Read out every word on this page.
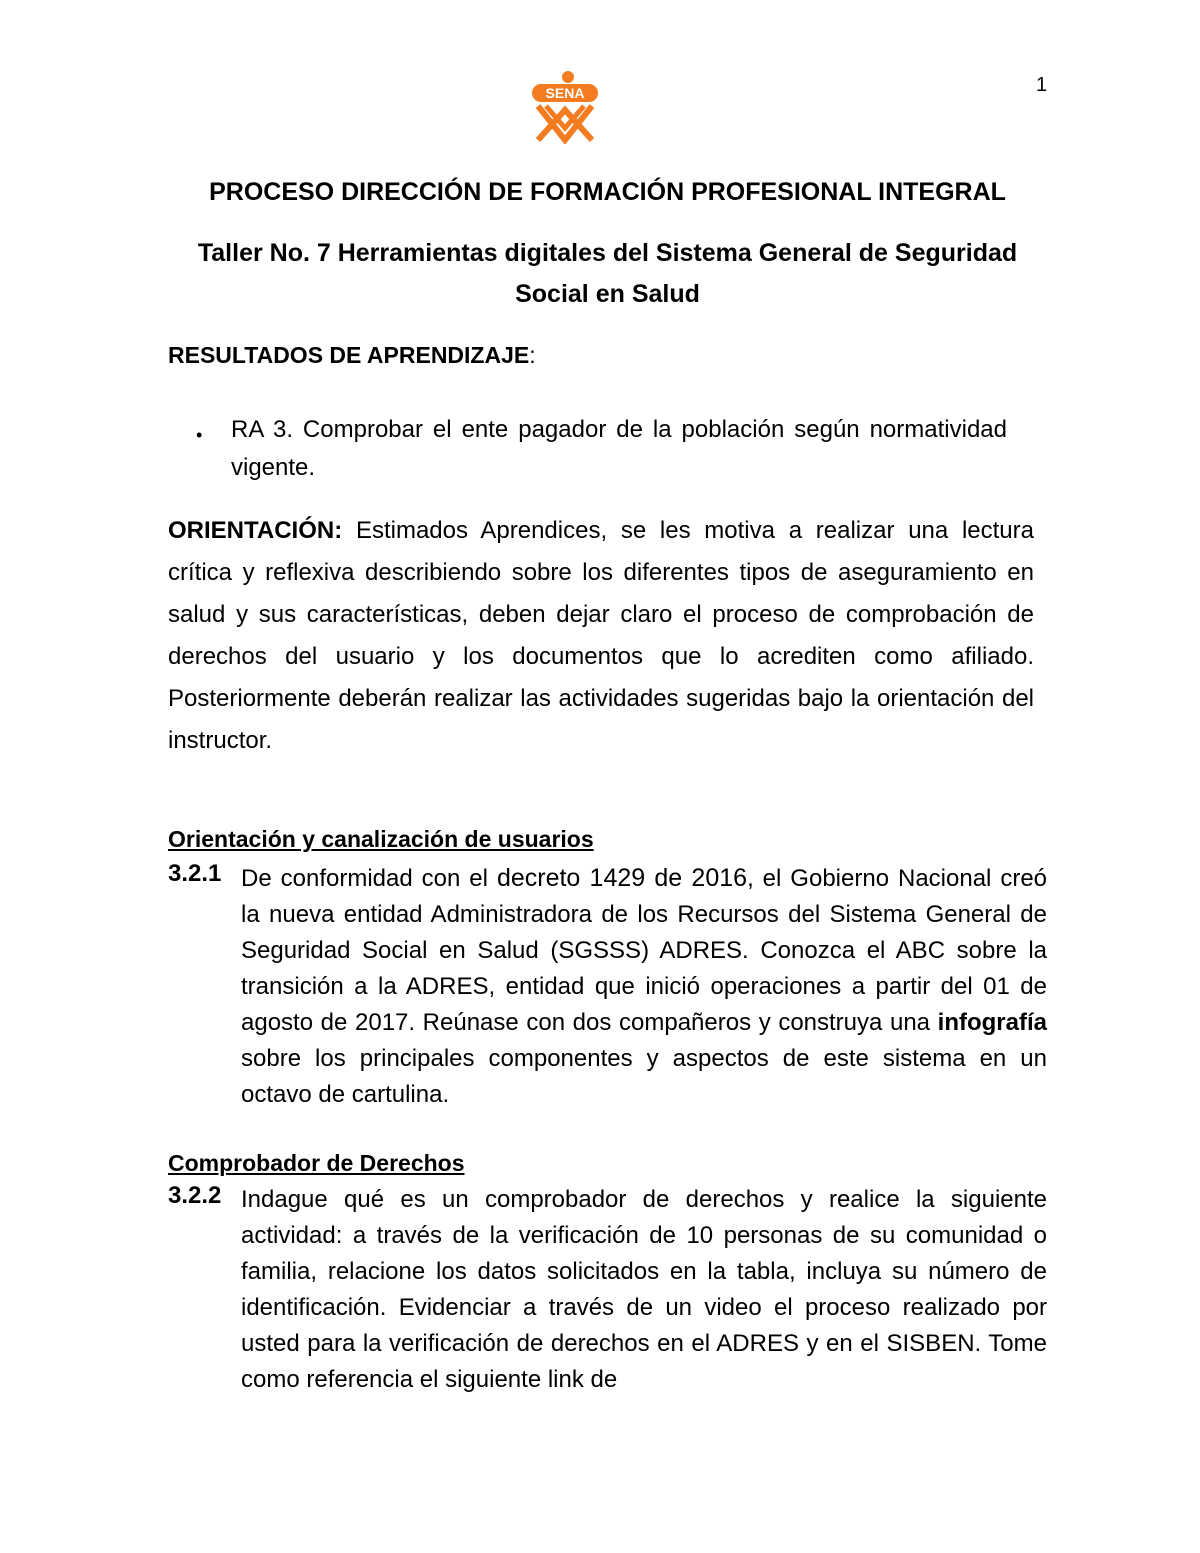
1
SENA
PROCESO DIRECCIÓN DE FORMACIÓN PROFESIONAL INTEGRAL
Taller No. 7 Herramientas digitales del Sistema General de Seguridad
Social en Salud
RESULTADOS DE APRENDIZAJE:
• RA 3. Comprobar el ente pagador de la población según normatividad vigente.
ORIENTACIÓN: Estimados Aprendices, se les motiva a realizar una lectura crítica y reflexiva describiendo sobre los diferentes tipos de aseguramiento en salud y sus características, deben dejar claro el proceso de comprobación de derechos del usuario y los documentos que lo acrediten como afiliado. Posteriormente deberán realizar las actividades sugeridas bajo la orientación del instructor.
Orientación y canalización de usuarios
3.2.1 De conformidad con el decreto 1429 de 2016, el Gobierno Nacional creó la nueva entidad Administradora de los Recursos del Sistema General de Seguridad Social en Salud (SGSSS) ADRES. Conozca el ABC sobre la transición a la ADRES, entidad que inició operaciones a partir del 01 de agosto de 2017. Reúnase con dos compañeros y construya una infografía sobre los principales componentes y aspectos de este sistema en un octavo de cartulina.
Comprobador de Derechos
3.2.2 Indague qué es un comprobador de derechos y realice la siguiente actividad: a través de la verificación de 10 personas de su comunidad o familia, relacione los datos solicitados en la tabla, incluya su número de identificación. Evidenciar a través de un video el proceso realizado por usted para la verificación de derechos en el ADRES y en el SISBEN. Tome como referencia el siguiente link de
